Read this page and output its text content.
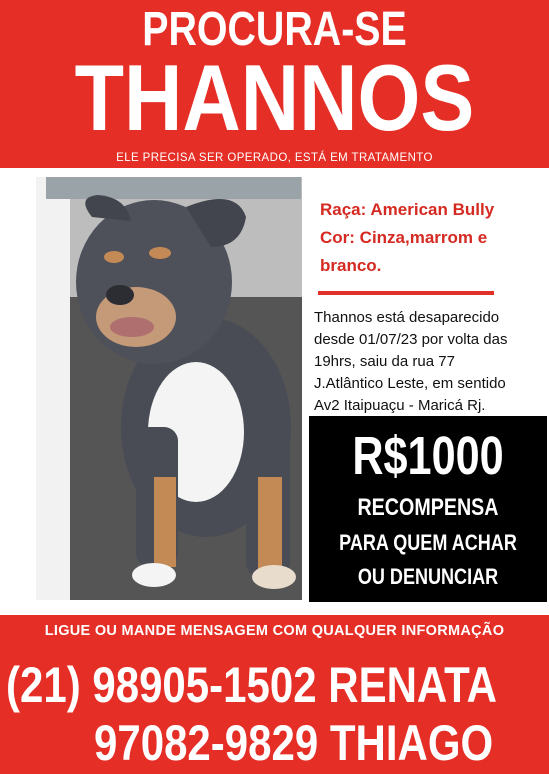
PROCURA-SE
THANNOS
ELE PRECISA SER OPERADO, ESTÁ EM TRATAMENTO
Raça: American Bully
Cor: Cinza,marrom e
branco.
Thannos está desaparecido
desde 01/07/23 por volta das
19hrs, saiu da rua 77
J.Atlântico Leste, em sentido
Av2 Itaipuaçu - Maricá Rj.
R$1000
RECOMPENSA
PARA QUEM ACHAR
OU DENUNCIAR
LIGUE OU MANDE MENSAGEM COM QUALQUER INFORMAÇÃO
(21) 98905-1502 RENATA
97082-9829 THIAGO
